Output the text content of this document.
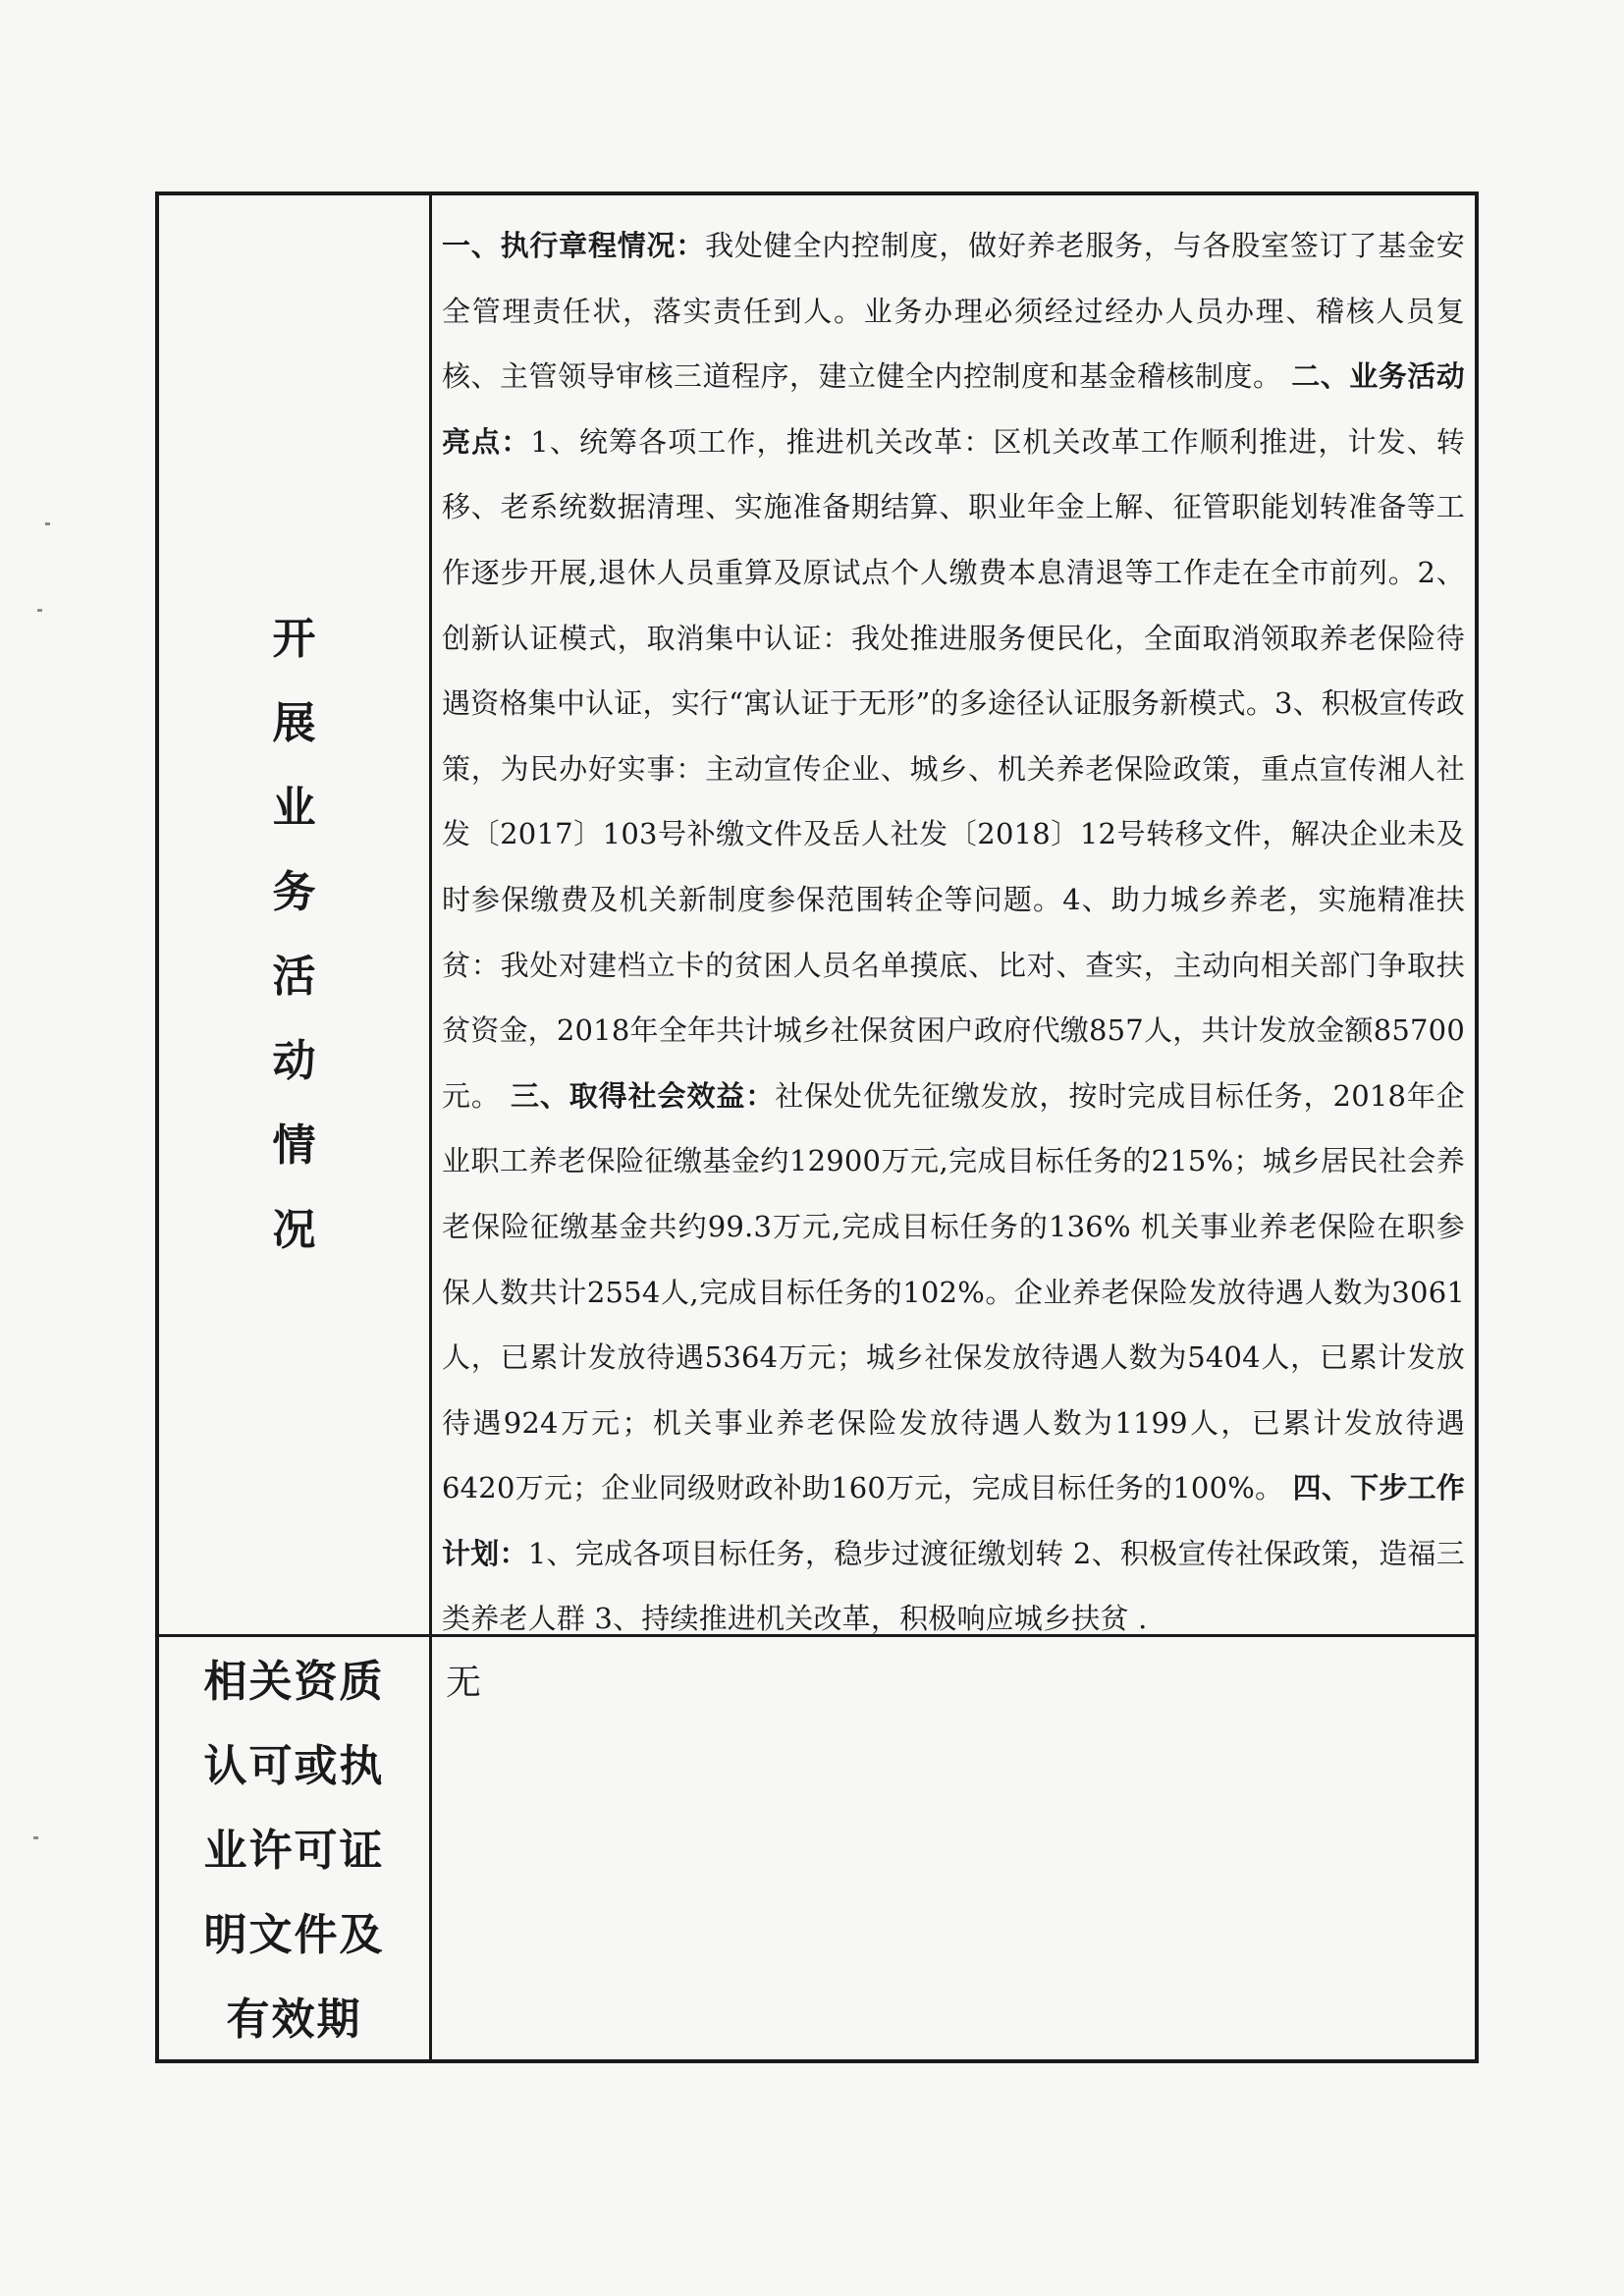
开
展
业
务
活
动
情
况
一、执行章程情况：我处健全内控制度，做好养老服务，与各股室签订了基金安全管理责任状，落实责任到人。业务办理必须经过经办人员办理、稽核人员复核、主管领导审核三道程序，建立健全内控制度和基金稽核制度。 二、业务活动亮点：1、统筹各项工作，推进机关改革：区机关改革工作顺利推进，计发、转移、老系统数据清理、实施准备期结算、职业年金上解、征管职能划转准备等工作逐步开展,退休人员重算及原试点个人缴费本息清退等工作走在全市前列。2、创新认证模式，取消集中认证：我处推进服务便民化，全面取消领取养老保险待遇资格集中认证，实行“寓认证于无形”的多途径认证服务新模式。3、积极宣传政策，为民办好实事：主动宣传企业、城乡、机关养老保险政策，重点宣传湘人社发〔2017〕103号补缴文件及岳人社发〔2018〕12号转移文件，解决企业未及时参保缴费及机关新制度参保范围转企等问题。4、助力城乡养老，实施精准扶贫：我处对建档立卡的贫困人员名单摸底、比对、查实，主动向相关部门争取扶贫资金，2018年全年共计城乡社保贫困户政府代缴857人，共计发放金额85700元。 三、取得社会效益：社保处优先征缴发放，按时完成目标任务，2018年企业职工养老保险征缴基金约12900万元,完成目标任务的215%；城乡居民社会养老保险征缴基金共约99.3万元,完成目标任务的136% 机关事业养老保险在职参保人数共计2554人,完成目标任务的102%。企业养老保险发放待遇人数为3061人，已累计发放待遇5364万元；城乡社保发放待遇人数为5404人，已累计发放待遇924万元；机关事业养老保险发放待遇人数为1199人，已累计发放待遇6420万元；企业同级财政补助160万元，完成目标任务的100%。 四、下步工作计划：1、完成各项目标任务，稳步过渡征缴划转 2、积极宣传社保政策，造福三类养老人群 3、持续推进机关改革，积极响应城乡扶贫 .
相关资质
认可或执
业许可证
明文件及
有效期
无
